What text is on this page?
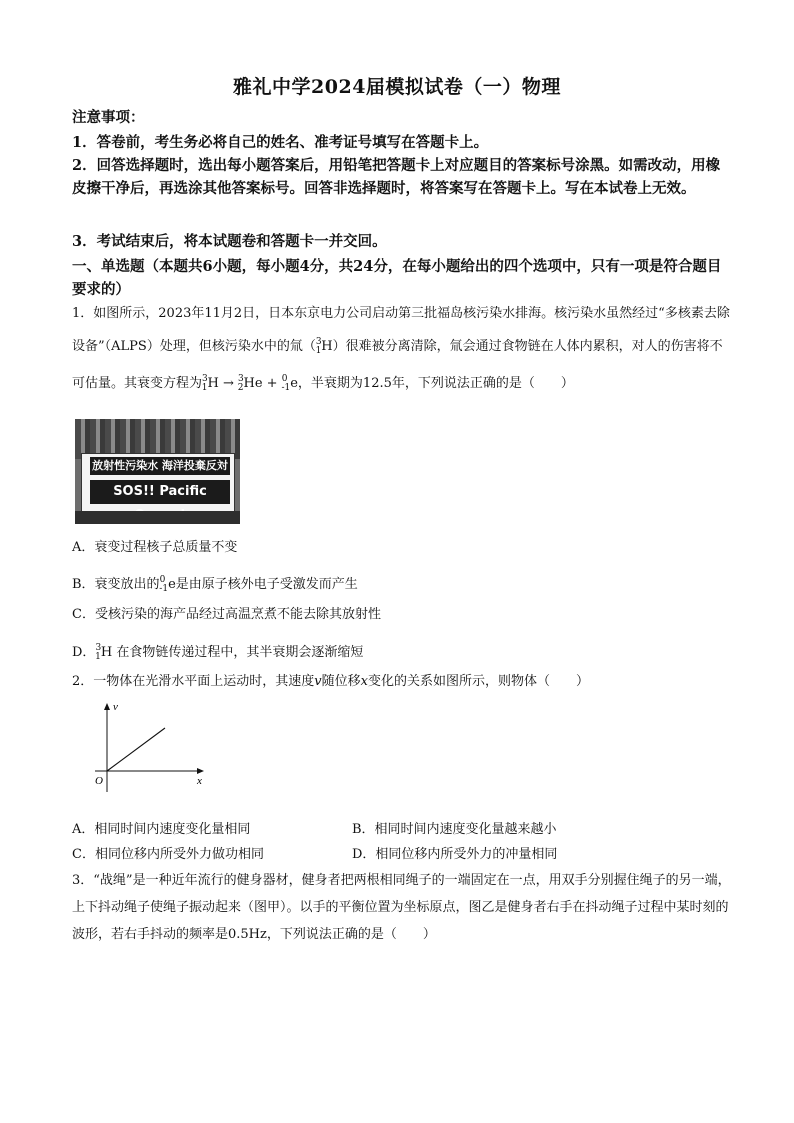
雅礼中学2024届模拟试卷（一）物理
注意事项：
1．答卷前，考生务必将自己的姓名、准考证号填写在答题卡上。
2．回答选择题时，选出每小题答案后，用铅笔把答题卡上对应题目的答案标号涂黑。如需改动，用橡皮擦干净后，再选涂其他答案标号。回答非选择题时，将答案写在答题卡上。写在本试卷上无效。
3．考试结束后，将本试题卷和答题卡一并交回。
一、单选题（本题共6小题，每小题4分，共24分，在每小题给出的四个选项中，只有一项是符合题目要求的）
1．如图所示，2023年11月2日，日本东京电力公司启动第三批福岛核污染水排海。核污染水虽然经过“多核素去除设备”（ALPS）处理，但核污染水中的氚（$^3_1$H）很难被分离清除，氚会通过食物链在人体内累积，对人的伤害将不可估量。其衰变方程为$^3_1$H → $^3_2$He + $^0_{-1}$e，半衰期为12.5年，下列说法正确的是（　　）
放射性污染水 海洋投棄反対
SOS!! Pacific
A．衰变过程核子总质量不变
B．衰变放出的$^0_{-1}$e是由原子核外电子受激发而产生
C．受核污染的海产品经过高温烹煮不能去除其放射性
D．$^3_1$H 在食物链传递过程中，其半衰期会逐渐缩短
2．一物体在光滑水平面上运动时，其速度v随位移x变化的关系如图所示，则物体（　　）
v
x
O
A．相同时间内速度变化量相同	B．相同时间内速度变化量越来越小
C．相同位移内所受外力做功相同	D．相同位移内所受外力的冲量相同
3．“战绳”是一种近年流行的健身器材，健身者把两根相同绳子的一端固定在一点，用双手分别握住绳子的另一端，上下抖动绳子使绳子振动起来（图甲）。以手的平衡位置为坐标原点，图乙是健身者右手在抖动绳子过程中某时刻的波形，若右手抖动的频率是0.5Hz，下列说法正确的是（　　）
